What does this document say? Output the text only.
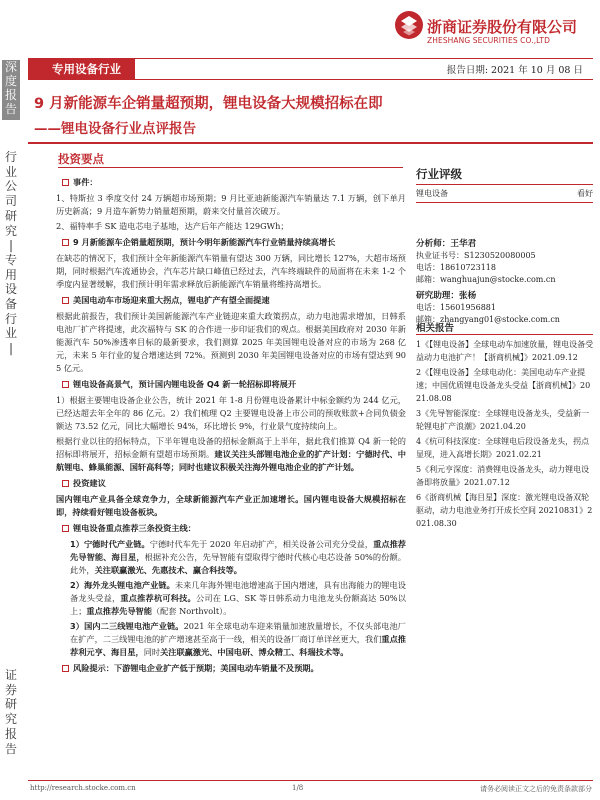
浙商证券股份有限公司
ZHESHANG SECURITIES CO.,LTD
深
度
报
告
行
业
公
司
研
究
|
专
用
设
备
行
业
|
证
券
研
究
报
告
专用设备行业	报告日期: 2021 年 10 月 08 日
9 月新能源车企销量超预期，锂电设备大规模招标在即
——锂电设备行业点评报告
投资要点
事件：

1、特斯拉 3 季度交付 24 万辆超市场预期；9 月比亚迪新能源汽车销量达 7.1 万辆，创下单月历史新高；9 月造车新势力销量超预期，蔚来交付量首次破万。

2、福特率手 SK 造电芯电子基地，达产后年产能达 129GWh；

9 月新能源车企销量超预期，预计今明年新能源汽车行业销量持续高增长

在缺芯的情况下，我们预计全年新能源汽车销量有望达 300 万辆，同比增长 127%，大超市场预期，同时根据汽车流通协会，汽车芯片缺口峰值已经过去，汽车终端缺件的局面将在未来 1-2 个季度内显著缓解，我们预计明年需求释放后新能源汽车销量将维持高增长。

美国电动车市场迎来重大拐点，锂电扩产有望全面提速

根据此前报告，我们预计美国新能源汽车产业链迎来重大政策拐点，动力电池需求增加，日韩系电池厂扩产将提速，此次福特与 SK 的合作进一步印证我们的观点。根据美国政府对 2030 年新能源汽车 50%渗透率目标的最新要求，我们测算 2025 年美国锂电设备对应的市场为 268 亿元，未来 5 年行业的复合增速达到 72%。预测到 2030 年美国锂电设备对应的市场有望达到 905 亿元。

锂电设备高景气，预计国内锂电设备 Q4 新一轮招标即将展开

1）根据主要锂电设备企业公告，统计 2021 年 1-8 月份锂电设备累计中标金额约为 244 亿元，已经达超去年全年的 86 亿元。2）我们梳理 Q2 主要锂电设备上市公司的预收账款+合同负债金额达 73.52 亿元，同比大幅增长 94%，环比增长 9%，行业景气度持续向上。

根据行业以往的招标特点，下半年锂电设备的招标金额高于上半年，据此我们推算 Q4 新一轮的招标即将展开，招标金额有望超市场预期。建议关注头部锂电池企业的扩产计划：宁德时代、中航锂电、蜂巢能源、国轩高科等；同时也建议积极关注海外锂电池企业的扩产计划。

投资建议

国内锂电产业具备全球竞争力，全球新能源汽车产业正加速增长。国内锂电设备大规模招标在即，持续看好锂电设备板块。

锂电设备重点推荐三条投资主线：

1）宁德时代产业链。宁德时代车先于 2020 年启动扩产，相关设备公司充分受益，重点推荐先导智能、海目星，根据补充公告，先导智能有望取得宁德时代核心电芯设备 50%的份额。此外，关注联赢激光、先惠技术、赢合科技等。

2）海外龙头锂电池产业链。未来几年海外锂电池增速高于国内增速，具有出海能力的锂电设备龙头受益，重点推荐杭可科技。公司在 LG、SK 等日韩系动力电池龙头份额高达 50%以上；重点推荐先导智能（配套 Northvolt）。

3）国内二三线锂电池产业链。2021 年全球电动车迎来销量加速放量增长，不仅头部电池厂在扩产，二三线锂电池的扩产增速甚至高于一线，相关的设备厂商订单详丝更大，我们重点推荐利元亨、海目星，同时关注联赢激光、中国电研、博众精工、科瑞技术等。

风险提示：下游锂电企业扩产低于预期；美国电动车销量不及预期。
行业评级
锂电设备	看好
分析师：王华君
执业证书号：S1230520080005
电话：18610723118
邮箱：wanghuajun@stocke.com.cn
研究助理：张杨
电话：15601956881
邮箱：zhangyang01@stocke.com.cn
相关报告

1《【锂电设备】全球电动车加速放量，锂电设备受益动力电池扩产！【浙商机械】》2021.09.12

2《【锂电设备】全球电动化：美国电动车产业提速；中国优质锂电设备龙头受益【浙商机械】》2021.08.08

3《先导智能深度：全球锂电设备龙头，受益新一轮锂电扩产浪潮》2021.04.20

4《杭可科技深度：全球锂电后段设备龙头，拐点显现，进入高增长期》2021.02.21

5《利元亨深度：消费锂电设备龙头，动力锂电设备即将放量》2021.07.12

6《浙商机械【海目星】深度：激光锂电设备双轮驱动，动力电池业务打开成长空间 20210831》2021.08.30

http://research.stocke.com.cn	1/8	请务必阅读正文之后的免责条款部分
